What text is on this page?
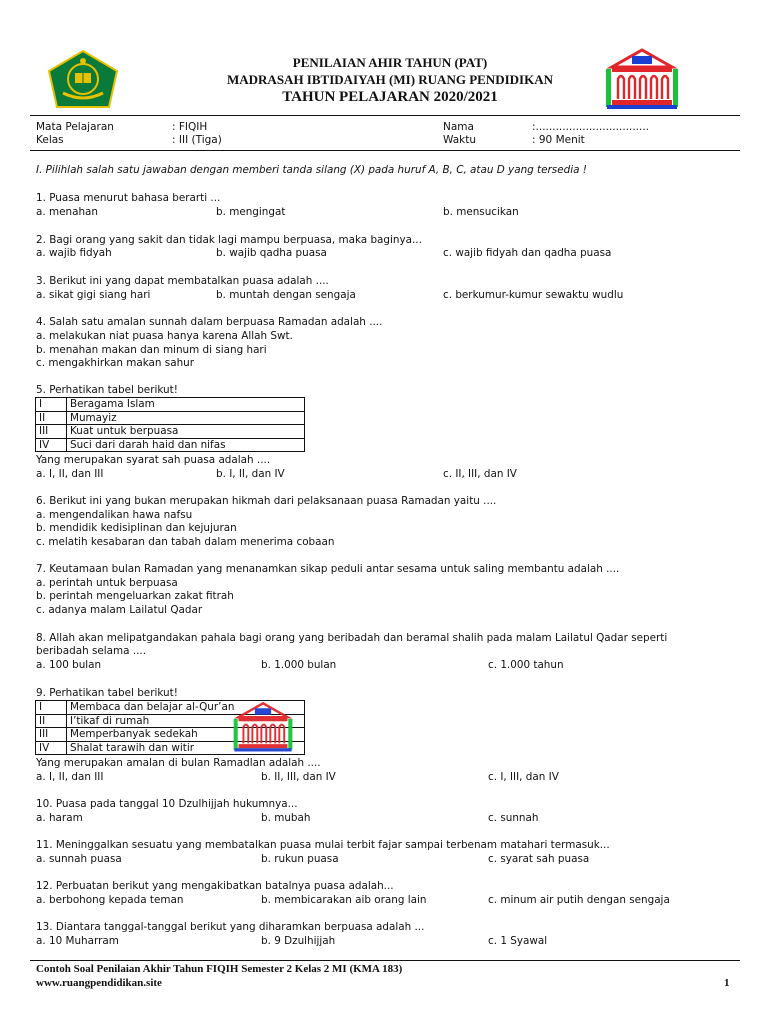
PENILAIAN AHIR TAHUN (PAT)
MADRASAH IBTIDAIYAH (MI) RUANG PENDIDIKAN
TAHUN PELAJARAN 2020/2021
Mata Pelajaran	: FIQIH
Kelas	: III (Tiga)
Nama	:..................................
Waktu	: 90 Menit
I. Pilihlah salah satu jawaban dengan memberi tanda silang (X) pada huruf A, B, C, atau D yang tersedia !
1. Puasa menurut bahasa berarti ...
a. menahan	b. mengingat	b. mensucikan
2. Bagi orang yang sakit dan tidak lagi mampu berpuasa, maka baginya...
a. wajib fidyah	b. wajib qadha puasa	c. wajib fidyah dan qadha puasa
3. Berikut ini yang dapat membatalkan puasa adalah ....
a. sikat gigi siang hari	b. muntah dengan sengaja	c. berkumur-kumur sewaktu wudlu
4. Salah satu amalan sunnah dalam berpuasa Ramadan adalah ....
a. melakukan niat puasa hanya karena Allah Swt.
b. menahan makan dan minum di siang hari
c. mengakhirkan makan sahur
5. Perhatikan tabel berikut!
I	Beragama Islam
II	Mumayiz
III	Kuat untuk berpuasa
IV	Suci dari darah haid dan nifas
Yang merupakan syarat sah puasa adalah ....
a. I, II, dan III	b. I, II, dan IV	c. II, III, dan IV
6. Berikut ini yang bukan merupakan hikmah dari pelaksanaan puasa Ramadan yaitu ....
a. mengendalikan hawa nafsu
b. mendidik kedisiplinan dan kejujuran
c. melatih kesabaran dan tabah dalam menerima cobaan
7. Keutamaan bulan Ramadan yang menanamkan sikap peduli antar sesama untuk saling membantu adalah ....
a. perintah untuk berpuasa
b. perintah mengeluarkan zakat fitrah
c. adanya malam Lailatul Qadar
8. Allah akan melipatgandakan pahala bagi orang yang beribadah dan beramal shalih pada malam Lailatul Qadar seperti
beribadah selama ....
a. 100 bulan	b. 1.000 bulan	c. 1.000 tahun
9. Perhatikan tabel berikut!
I	Membaca dan belajar al-Qur’an
II	I’tikaf di rumah
III	Memperbanyak sedekah
IV	Shalat tarawih dan witir
Yang merupakan amalan di bulan Ramadlan adalah ....
a. I, II, dan III	b. II, III, dan IV	c. I, III, dan IV
10. Puasa pada tanggal 10 Dzulhijjah hukumnya...
a. haram	b. mubah	c. sunnah
11. Meninggalkan sesuatu yang membatalkan puasa mulai terbit fajar sampai terbenam matahari termasuk...
a. sunnah puasa	b. rukun puasa	c. syarat sah puasa
12. Perbuatan berikut yang mengakibatkan batalnya puasa adalah...
a. berbohong kepada teman	b. membicarakan aib orang lain	c. minum air putih dengan sengaja
13. Diantara tanggal-tanggal berikut yang diharamkan berpuasa adalah ...
a. 10 Muharram	b. 9 Dzulhijjah	c. 1 Syawal
Contoh Soal Penilaian Akhir Tahun FIQIH Semester 2 Kelas 2 MI (KMA 183)
www.ruangpendidikan.site	1
